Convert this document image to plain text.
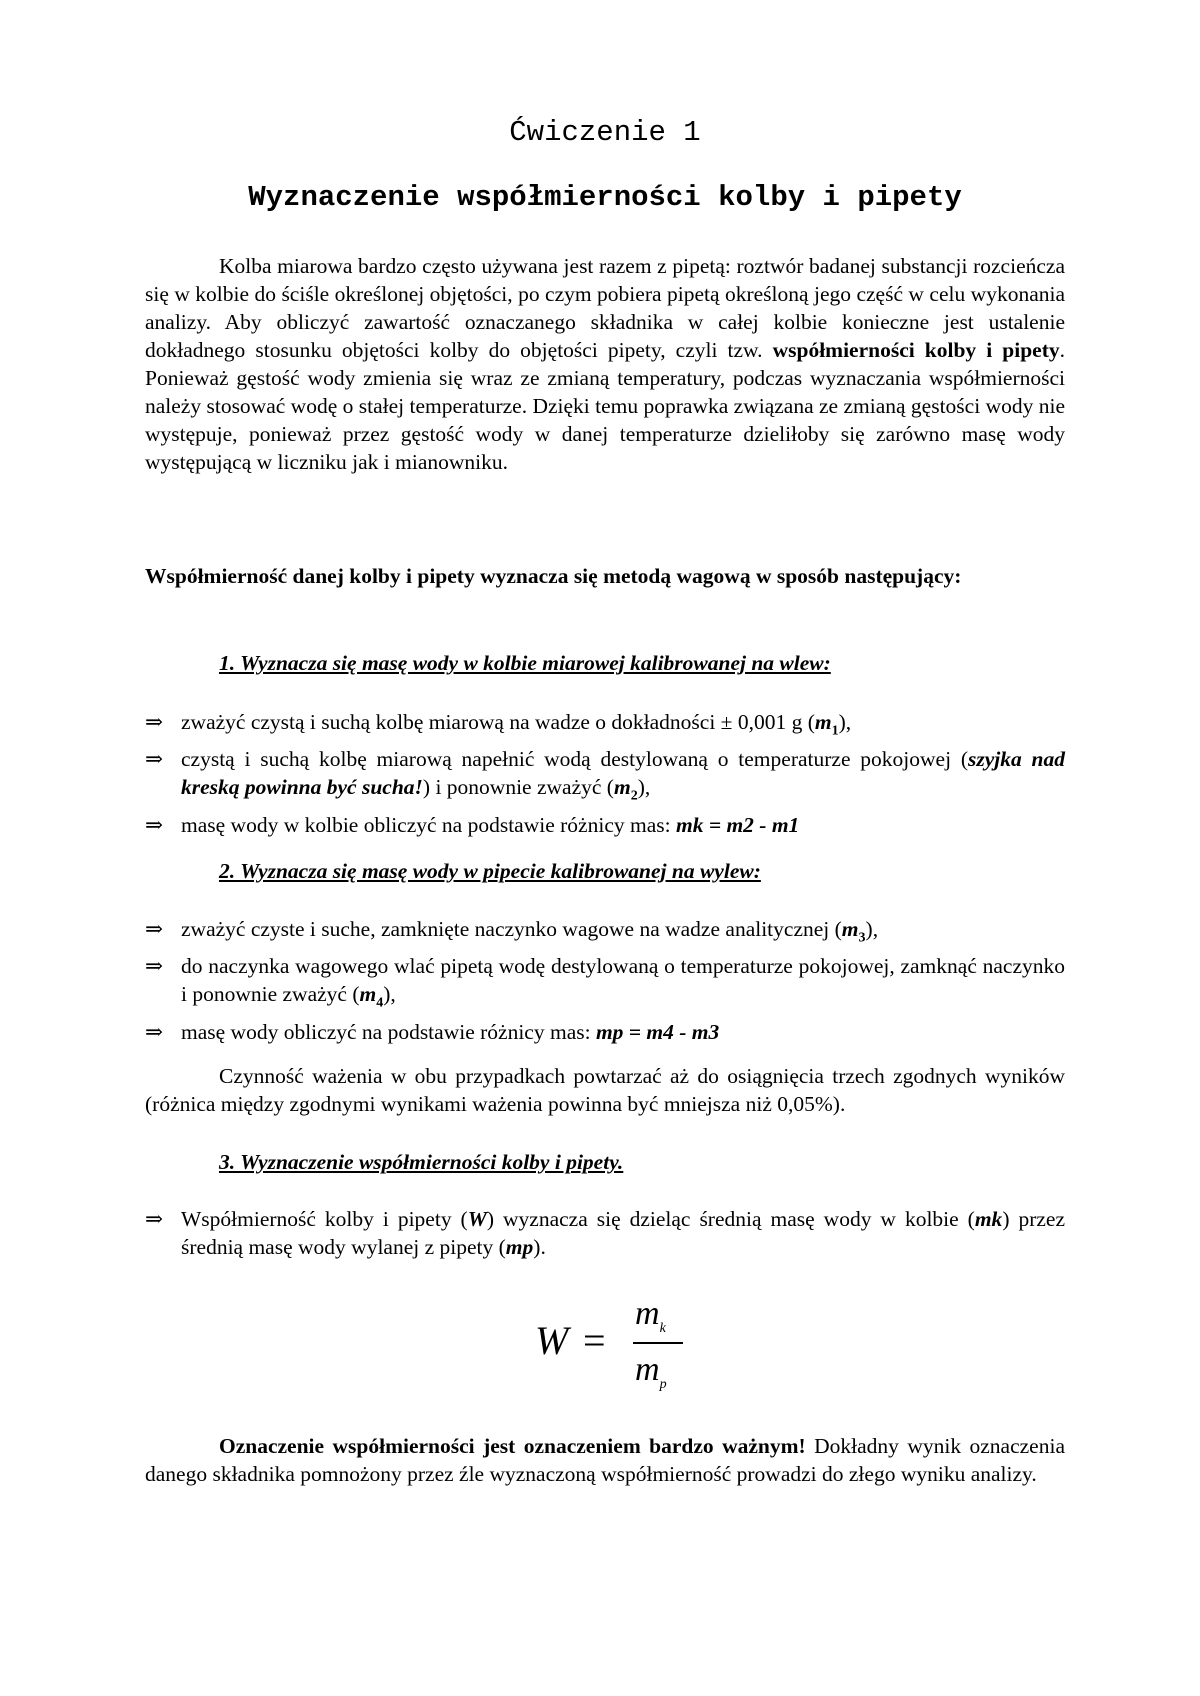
Ćwiczenie 1
Wyznaczenie współmierności kolby i pipety

Kolba miarowa bardzo często używana jest razem z pipetą: roztwór badanej substancji rozcieńcza się w kolbie do ściśle określonej objętości, po czym pobiera pipetą określoną jego część w celu wykonania analizy. Aby obliczyć zawartość oznaczanego składnika w całej kolbie konieczne jest ustalenie dokładnego stosunku objętości kolby do objętości pipety, czyli tzw. współmierności kolby i pipety. Ponieważ gęstość wody zmienia się wraz ze zmianą temperatury, podczas wyznaczania współmierności należy stosować wodę o stałej temperaturze. Dzięki temu poprawka związana ze zmianą gęstości wody nie występuje, ponieważ przez gęstość wody w danej temperaturze dzieliłoby się zarówno masę wody występującą w liczniku jak i mianowniku.

Współmierność danej kolby i pipety wyznacza się metodą wagową w sposób następujący:

1. Wyznacza się masę wody w kolbie miarowej kalibrowanej na wlew:

⇒ zważyć czystą i suchą kolbę miarową na wadze o dokładności ± 0,001 g $(m_1)$,
⇒ czystą i suchą kolbę miarową napełnić wodą destylowaną o temperaturze pokojowej (szyjka nad kreską powinna być sucha!) i ponownie zważyć $(m_2)$,
⇒ masę wody w kolbie obliczyć na podstawie różnicy mas: mk = m2 - m1

2. Wyznacza się masę wody w pipecie kalibrowanej na wylew:

⇒ zważyć czyste i suche, zamknięte naczynko wagowe na wadze analitycznej $(m_3)$,
⇒ do naczynka wagowego wlać pipetą wodę destylowaną o temperaturze pokojowej, zamknąć naczynko i ponownie zważyć $(m_4)$,
⇒ masę wody obliczyć na podstawie różnicy mas: mp = m4 - m3

Czynność ważenia w obu przypadkach powtarzać aż do osiągnięcia trzech zgodnych wyników (różnica między zgodnymi wynikami ważenia powinna być mniejsza niż 0,05%).

3. Wyznaczenie współmierności kolby i pipety.

⇒ Współmierność kolby i pipety (W) wyznacza się dzieląc średnią masę wody w kolbie (mk) przez średnią masę wody wylanej z pipety (mp).
W =
$m_k$
$m_p$

Oznaczenie współmierności jest oznaczeniem bardzo ważnym! Dokładny wynik oznaczenia danego składnika pomnożony przez źle wyznaczoną współmierność prowadzi do złego wyniku analizy.
